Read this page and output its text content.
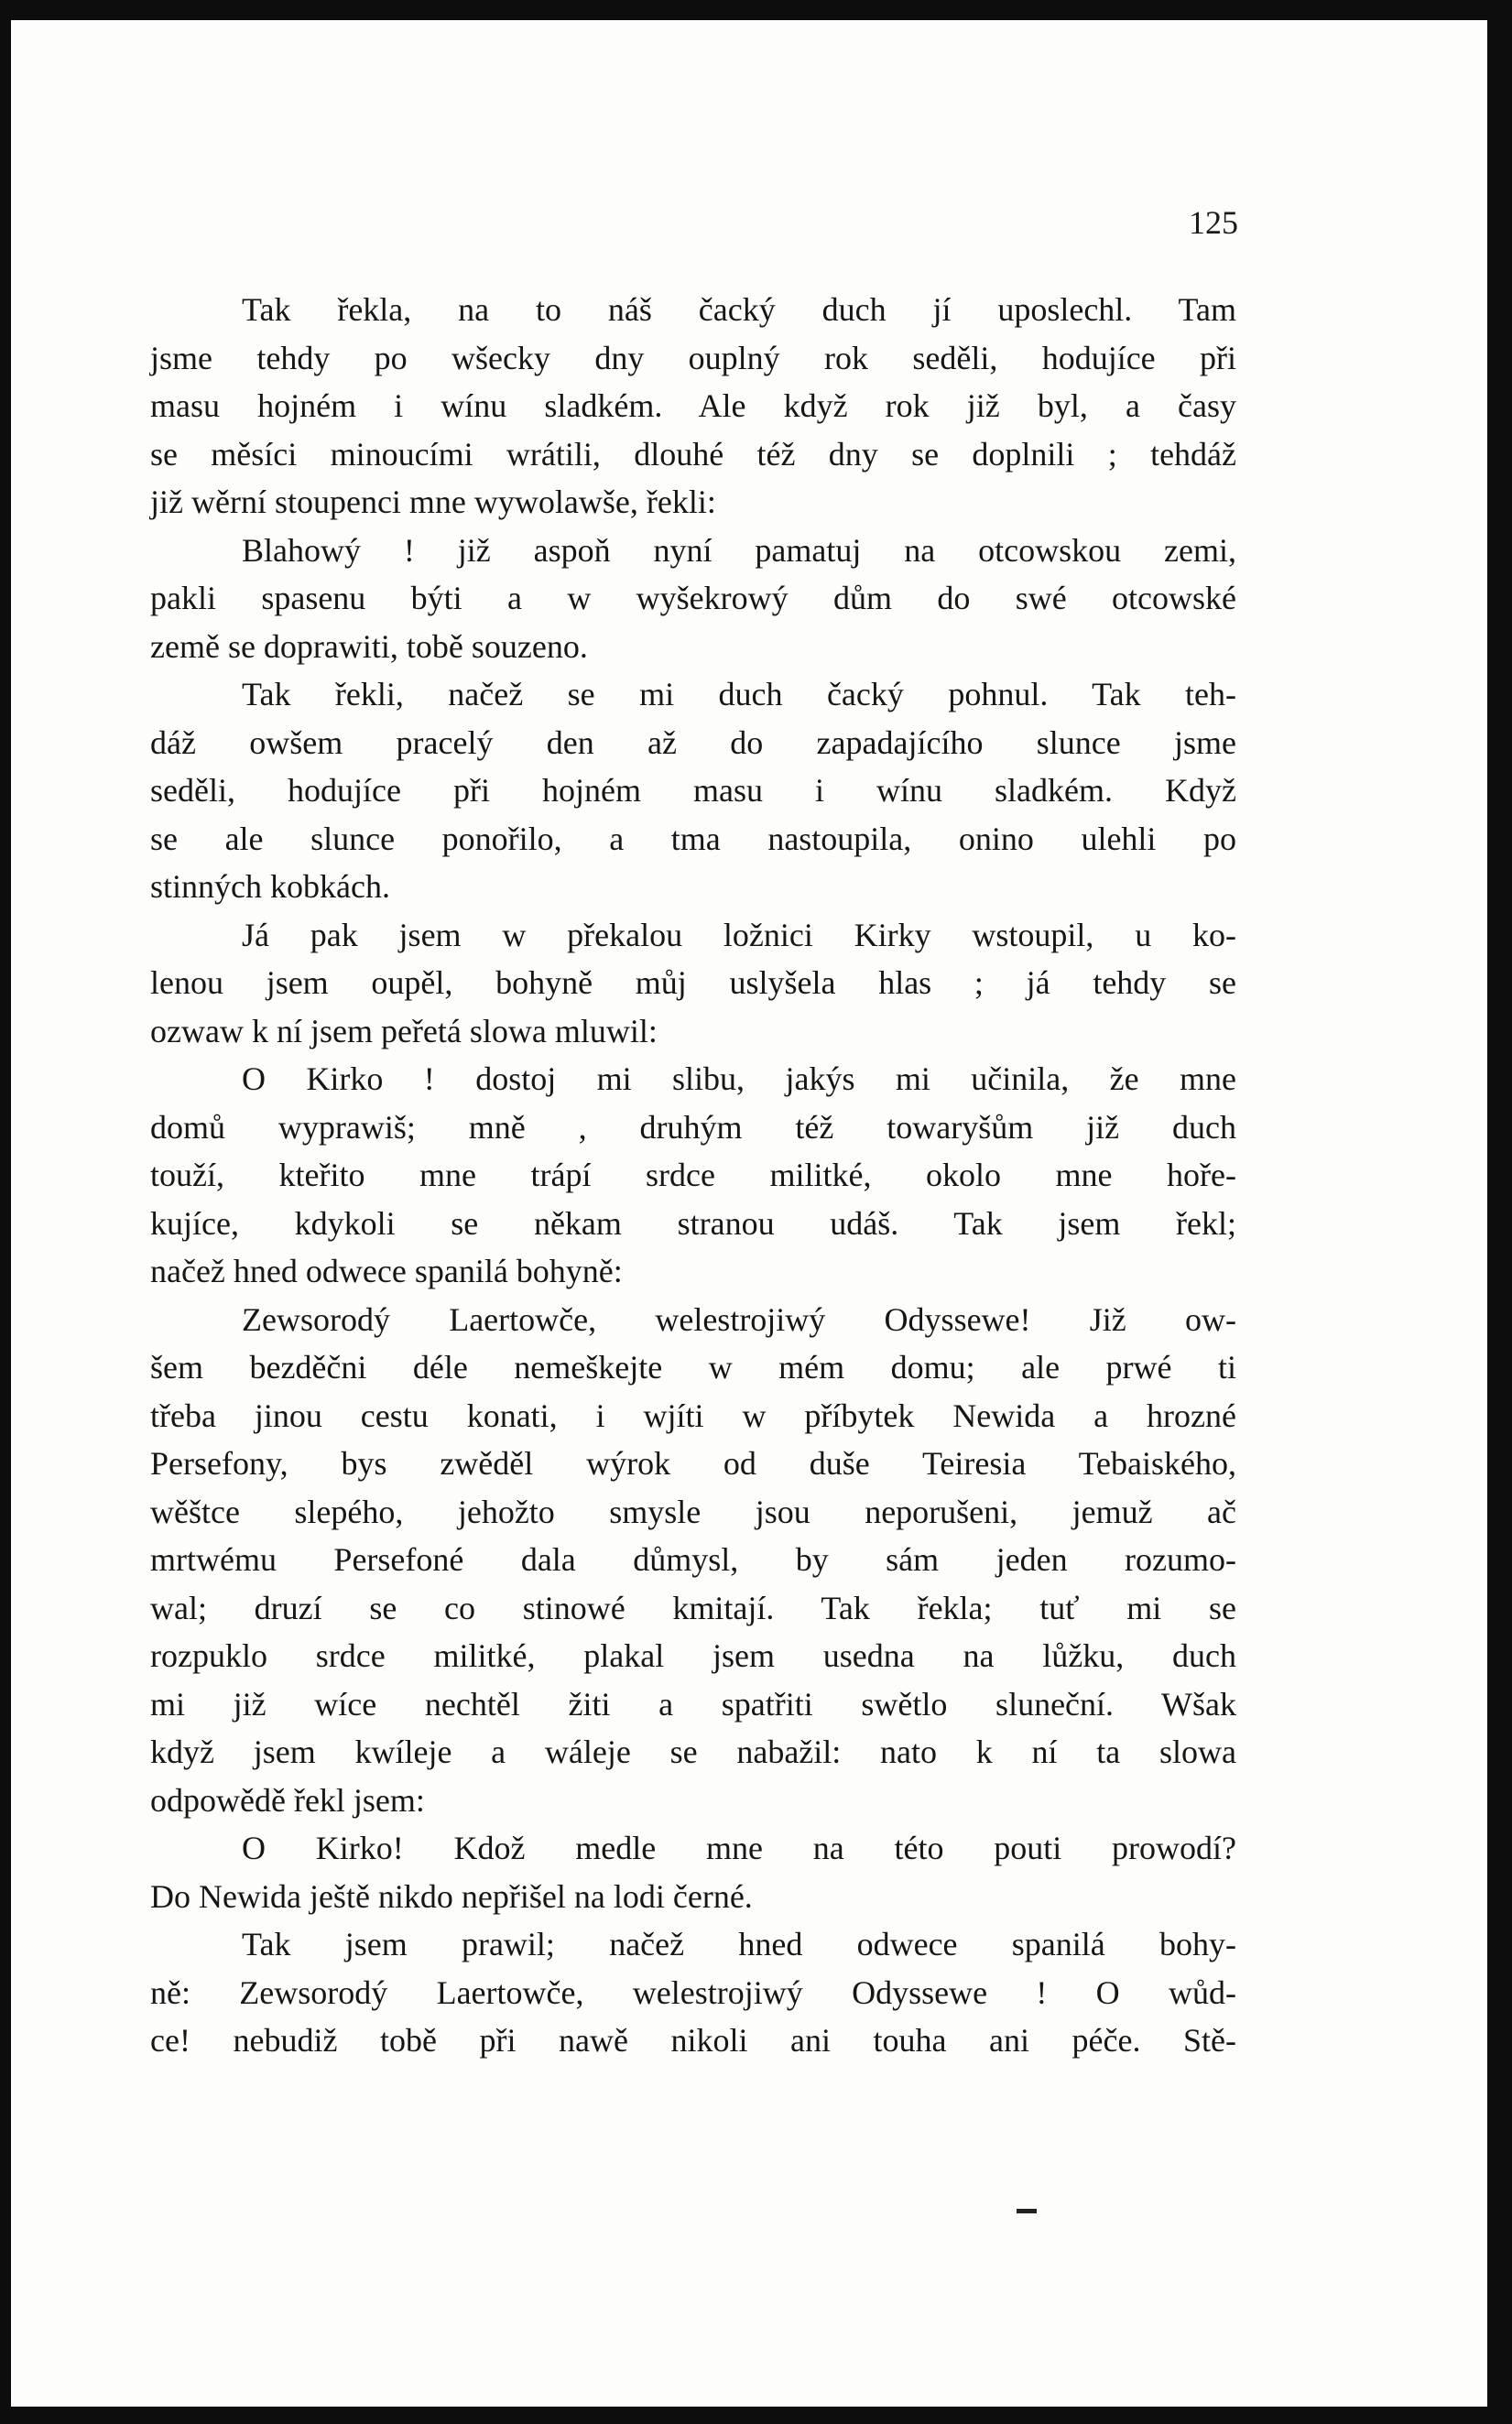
125

Tak řekla, na to náš čacký duch jí uposlechl. Tam
jsme tehdy po wšecky dny ouplný rok seděli, hodujíce při
masu hojném i wínu sladkém. Ale když rok již byl, a časy
se měsíci minoucími wrátili, dlouhé též dny se doplnili ; tehdáž
již wěrní stoupenci mne wywolawše, řekli:

Blahowý ! již aspoň nyní pamatuj na otcowskou zemi,
pakli spasenu býti a w wyšekrowý dům do swé otcowské
země se doprawiti, tobě souzeno.

Tak řekli, načež se mi duch čacký pohnul. Tak teh-
dáž owšem pracelý den až do zapadajícího slunce jsme
seděli, hodujíce při hojném masu i wínu sladkém. Když
se ale slunce ponořilo, a tma nastoupila, onino ulehli po
stinných kobkách.

Já pak jsem w překalou ložnici Kirky wstoupil, u ko-
lenou jsem oupěl, bohyně můj uslyšela hlas ; já tehdy se
ozwaw k ní jsem peřetá slowa mluwil:

O Kirko ! dostoj mi slibu, jakýs mi učinila, že mne
domů wyprawiš; mně , druhým též towaryšům již duch
touží, kteřito mne trápí srdce militké, okolo mne hoře-
kujíce, kdykoli se někam stranou udáš. Tak jsem řekl;
načež hned odwece spanilá bohyně:

Zewsorodý Laertowče, welestrojiwý Odyssewe! Již ow-
šem bezděčni déle nemeškejte w mém domu; ale prwé ti
třeba jinou cestu konati, i wjíti w příbytek Newida a hrozné
Persefony, bys zwěděl wýrok od duše Teiresia Tebaiského,
wěštce slepého, jehožto smysle jsou neporušeni, jemuž ač
mrtwému Persefoné dala důmysl, by sám jeden rozumo-
wal; druzí se co stinowé kmitají. Tak řekla; tuť mi se
rozpuklo srdce militké, plakal jsem usedna na lůžku, duch
mi již wíce nechtěl žiti a spatřiti swětlo sluneční. Wšak
když jsem kwíleje a wáleje se nabažil: nato k ní ta slowa
odpowědě řekl jsem:

O Kirko! Kdož medle mne na této pouti prowodí?
Do Newida ještě nikdo nepřišel na lodi černé.

Tak jsem prawil; načež hned odwece spanilá bohy-
ně: Zewsorodý Laertowče, welestrojiwý Odyssewe ! O wůd-
ce! nebudiž tobě při nawě nikoli ani touha ani péče. Stě-
